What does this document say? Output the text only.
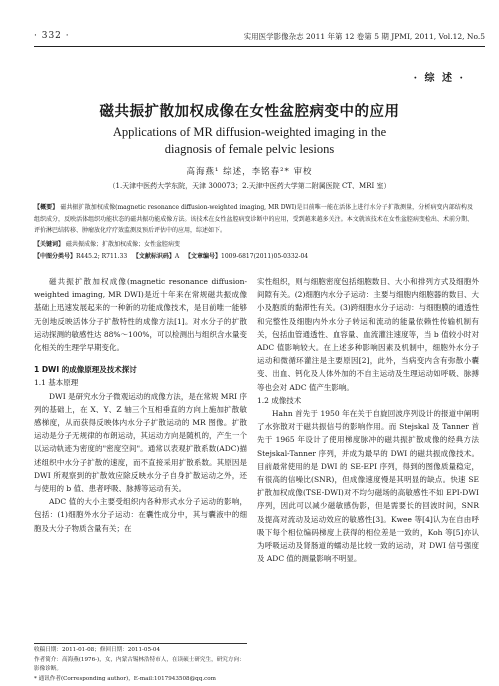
· 332 ·	实用医学影像杂志 2011 年第 12 卷第 5 期 JPMI, 2011, Vol.12, No.5
· 综 述 ·
磁共振扩散加权成像在女性盆腔病变中的应用
Applications of MR diffusion-weighted imaging in the
diagnosis of female pelvic lesions
高海燕¹ 综述，李铭春²* 审校
（1.天津中医药大学东院，天津 300073；2.天津中医药大学第二附属医院 CT、MRI 室）
【概要】 磁共振扩散加权成像(magnetic resonance diffusion-weighted imaging, MR DWI)是目前唯一能在活体上进行水分子扩散测量，分析病变内部结构及组织成分，反映活体组织功能状态的磁共振功能成像方法。该技术在女性盆腔病变诊断中的应用，受到越来越多关注。本文就该技术在女性盆腔病变检出、术前分期、评价淋巴结转移、肿瘤放化疗疗效监测及预后评估中的应用，综述如下。
【关键词】 磁共振成像；扩散加权成像；女性盆腔病变
【中图分类号】R445.2; R711.33 【文献标识码】A 【文章编号】1009-6817(2011)05-0332-04

磁共振扩散加权成像(magnetic resonance diffusion-weighted imaging, MR DWI)是近十年来在常规磁共振成像基础上迅速发展起来的一种新的功能成像技术，是目前唯一能够无创地反映活体分子扩散特性的成像方法[1]。对水分子的扩散运动探测的敏感性达 88%～100%，可以检测出与组织含水量变化相关的生理学早期变化。

1 DWI 的成像原理及技术探讨

1.1 基本原理

DWI 是研究水分子微观运动的成像方法，是在常规 MRI 序列的基础上，在 X、Y、Z 轴三个互相垂直的方向上施加扩散敏感梯度，从而获得反映体内水分子扩散运动的 MR 图像。扩散运动是分子无规律的布朗运动，其运动方向是随机的，产生一个以运动轨迹为密度的"密度空间"。通常以表观扩散系数(ADC)描述组织中水分子扩散的速度，而不直接采用扩散系数。其原因是 DWI 所观察到的扩散效应除反映水分子自身扩散运动之外，还与使用的 b 值、患者呼吸、脉搏等运动有关。

ADC 值的大小主要受组织内各种形式水分子运动的影响，包括：(1)细胞外水分子运动：在囊性成分中，其与囊液中的细胞及大分子物质含量有关；在

实性组织，则与细胞密度包括细胞数目、大小和排列方式及细胞外间隙有关。(2)细胞内水分子运动：主要与细胞内细胞器的数目、大小及胞质的黏滞性有关。(3)跨细胞水分子运动：与细胞膜的通透性和完整性及细胞内外水分子转运和流动的能量依赖性传输机制有关，包括血管通透性、血容量、血流灌注速度等，当 b 值较小时对 ADC 值影响较大。在上述多种影响因素及机制中，细胞外水分子运动和微循环灌注是主要原因[2]，此外，当病变内含有弥散小囊变、出血、钙化及人体外加的不自主运动及生理运动如呼吸、脉搏等也会对 ADC 值产生影响。

1.2 成像技术

Hahn 首先于 1950 年在关于自旋回波序列设计的报道中阐明了水弥散对于磁共振信号的影响作用。而 Stejskal 及 Tanner 首先于 1965 年设计了使用梯度脉冲的磁共振扩散成像的经典方法 Stejskal-Tanner 序列，并成为最早的 DWI 的磁共振成像技术。目前最常使用的是 DWI 的 SE-EPI 序列，得到的图像质量稳定，有很高的信噪比(SNR)，但成像速度慢是其明显的缺点。快速 SE 扩散加权成像(TSE-DWI)对不均匀磁场的高敏感性不如 EPI-DWI 序列，因此可以减少磁敏感伪影，但是需要长的回波时间，SNR 及提高对流动及运动效应的敏感性[3]。Kwee 等[4]认为在自由呼吸下每个相位编码梯度上获得的相位差是一致的，Koh 等[5]亦认为呼吸运动及肾肠道的蠕动是比较一致的运动，对 DWI 信号强度及 ADC 值的测量影响不明显。

收稿日期：2011-01-08；修回日期：2011-05-04
作者简介：高海燕(1976-)，女，内蒙古锡林浩特市人，在读硕士研究生，研究方向：影像诊断。
* 通讯作者(Corresponding author)，E-mail:1017943508@qq.com
